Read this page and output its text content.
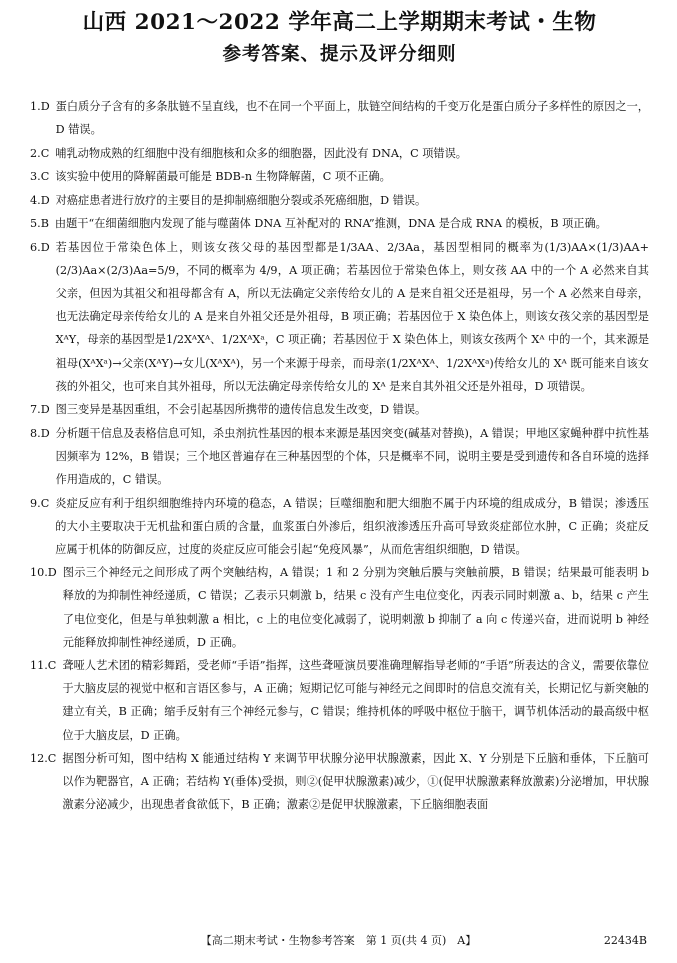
山西 2021～2022 学年高二上学期期末考试・生物
参考答案、提示及评分细则
1.D 蛋白质分子含有的多条肽链不呈直线，也不在同一个平面上，肽链空间结构的千变万化是蛋白质分子多样性的原因之一，D 错误。
2.C 哺乳动物成熟的红细胞中没有细胞核和众多的细胞器，因此没有 DNA，C 项错误。
3.C 该实验中使用的降解菌最可能是 BDB-n 生物降解菌，C 项不正确。
4.D 对癌症患者进行放疗的主要目的是抑制癌细胞分裂或杀死癌细胞，D 错误。
5.B 由题干“在细菌细胞内发现了能与噬菌体 DNA 互补配对的 RNA”推测，DNA 是合成 RNA 的模板，B 项正确。
6.D 若基因位于常染色体上，则该女孩父母的基因型都是1/3AA、2/3Aa，基因型相同的概率为(1/3)AA×(1/3)AA+(2/3)Aa×(2/3)Aa=5/9，不同的概率为 4/9，A 项正确；若基因位于常染色体上，则女孩 AA 中的一个 A 必然来自其父亲，但因为其祖父和祖母都含有 A，所以无法确定父亲传给女儿的 A 是来自祖父还是祖母，另一个 A 必然来自母亲，也无法确定母亲传给女儿的 A 是来自外祖父还是外祖母，B 项正确；若基因位于 X 染色体上，则该女孩父亲的基因型是 XᴬY，母亲的基因型是1/2XᴬXᴬ、1/2XᴬXᵃ，C 项正确；若基因位于 X 染色体上，则该女孩两个 Xᴬ 中的一个，其来源是祖母(XᴬXᵃ)→父亲(XᴬY)→女儿(XᴬXᴬ)，另一个来源于母亲，而母亲(1/2XᴬXᴬ、1/2XᴬXᵃ)传给女儿的 Xᴬ 既可能来自该女孩的外祖父，也可来自其外祖母，所以无法确定母亲传给女儿的 Xᴬ 是来自其外祖父还是外祖母，D 项错误。
7.D 图三变异是基因重组，不会引起基因所携带的遗传信息发生改变，D 错误。
8.D 分析题干信息及表格信息可知，杀虫剂抗性基因的根本来源是基因突变(碱基对替换)，A 错误；甲地区家蝇种群中抗性基因频率为 12%，B 错误；三个地区普遍存在三种基因型的个体，只是概率不同，说明主要是受到遗传和各自环境的选择作用造成的，C 错误。
9.C 炎症反应有利于组织细胞维持内环境的稳态，A 错误；巨噬细胞和肥大细胞不属于内环境的组成成分，B 错误；渗透压的大小主要取决于无机盐和蛋白质的含量，血浆蛋白外渗后，组织液渗透压升高可导致炎症部位水肿，C 正确；炎症反应属于机体的防御反应，过度的炎症反应可能会引起“免疫风暴”，从而危害组织细胞，D 错误。
10.D 图示三个神经元之间形成了两个突触结构，A 错误；1 和 2 分别为突触后膜与突触前膜，B 错误；结果最可能表明 b 释放的为抑制性神经递质，C 错误；乙表示只刺激 b，结果 c 没有产生电位变化，丙表示同时刺激 a、b，结果 c 产生了电位变化，但是与单独刺激 a 相比，c 上的电位变化减弱了，说明刺激 b 抑制了 a 向 c 传递兴奋，进而说明 b 神经元能释放抑制性神经递质，D 正确。
11.C 聋哑人艺术团的精彩舞蹈，受老师“手语”指挥，这些聋哑演员要准确理解指导老师的“手语”所表达的含义，需要依靠位于大脑皮层的视觉中枢和言语区参与，A 正确；短期记忆可能与神经元之间即时的信息交流有关，长期记忆与新突触的建立有关，B 正确；缩手反射有三个神经元参与，C 错误；维持机体的呼吸中枢位于脑干，调节机体活动的最高级中枢位于大脑皮层，D 正确。
12.C 据图分析可知，图中结构 X 能通过结构 Y 来调节甲状腺分泌甲状腺激素，因此 X、Y 分别是下丘脑和垂体，下丘脑可以作为靶器官，A 正确；若结构 Y(垂体)受损，则②(促甲状腺激素)减少，①(促甲状腺激素释放激素)分泌增加，甲状腺激素分泌减少，出现患者食欲低下，B 正确；激素②是促甲状腺激素，下丘脑细胞表面
【高二期末考试・生物参考答案　第 1 页(共 4 页)　A】	22434B
